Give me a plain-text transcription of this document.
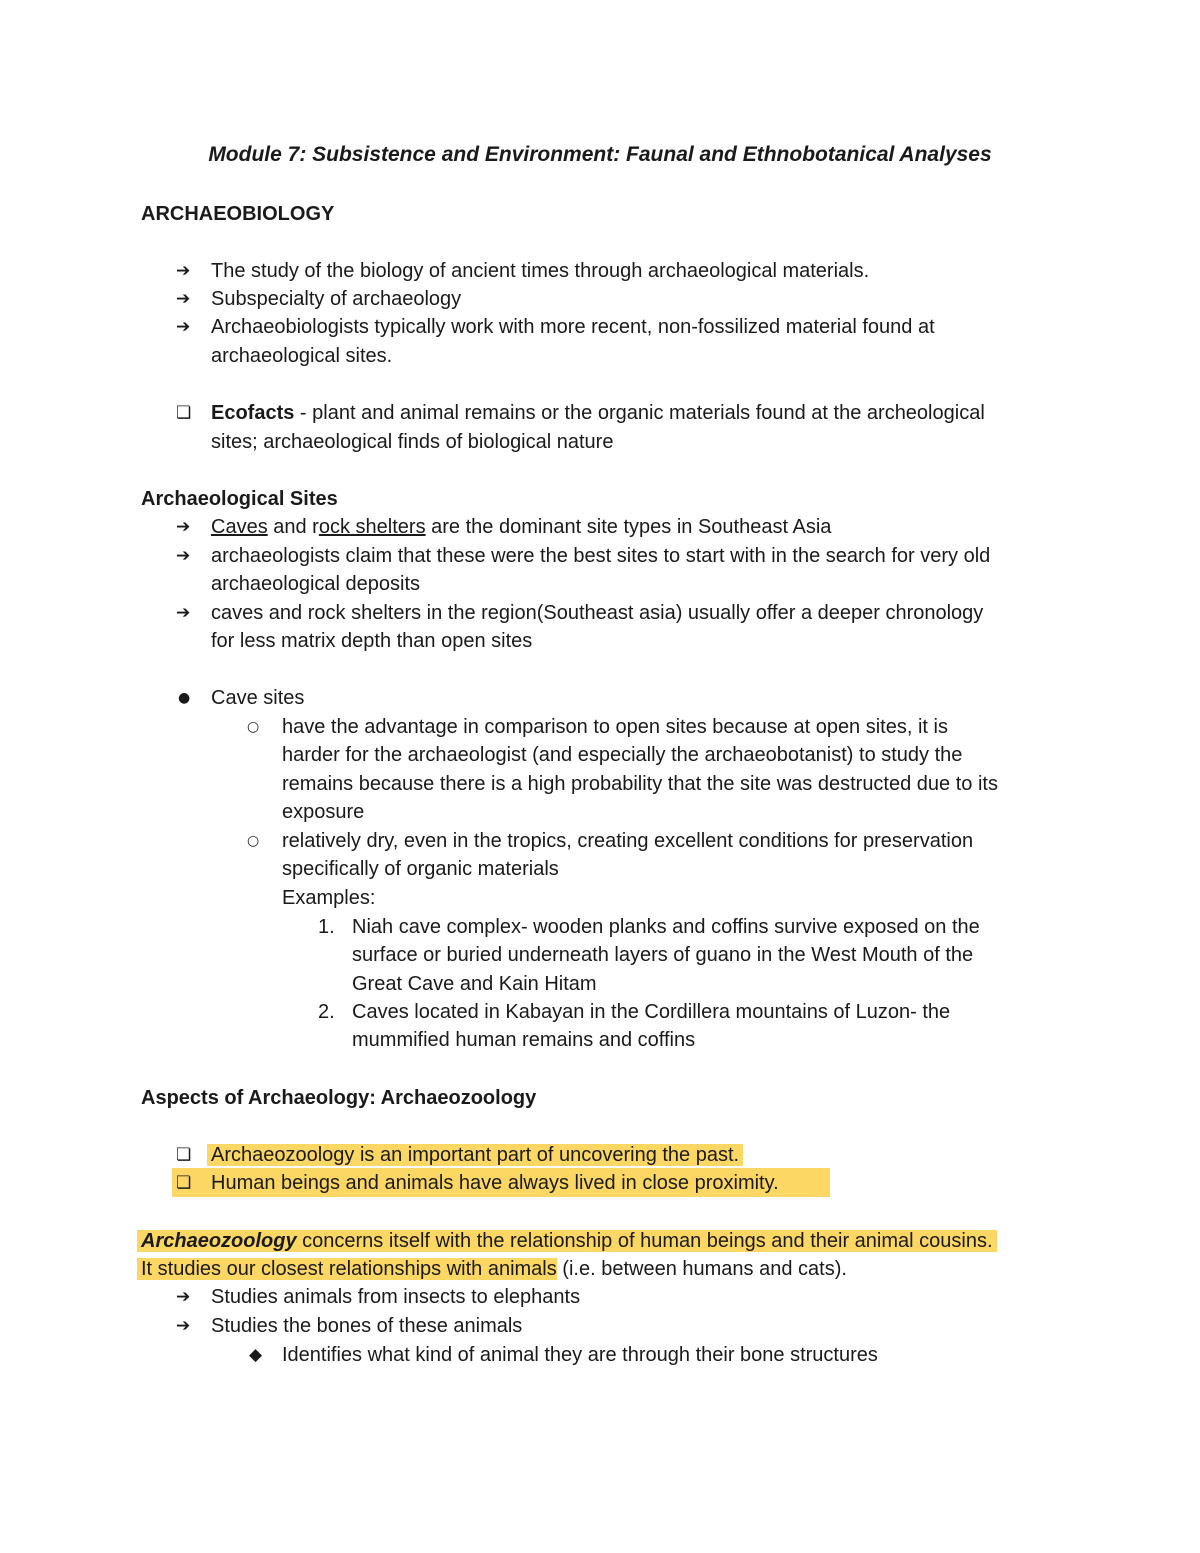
Module 7: Subsistence and Environment: Faunal and Ethnobotanical Analyses
ARCHAEOBIOLOGY
➔ The study of the biology of ancient times through archaeological materials.
➔ Subspecialty of archaeology
➔ Archaeobiologists typically work with more recent, non-fossilized material found at
archaeological sites.
❏ Ecofacts - plant and animal remains or the organic materials found at the archeological
sites; archaeological finds of biological nature
Archaeological Sites
➔ Caves and rock shelters are the dominant site types in Southeast Asia
➔ archaeologists claim that these were the best sites to start with in the search for very old
archaeological deposits
➔ caves and rock shelters in the region(Southeast asia) usually offer a deeper chronology
for less matrix depth than open sites
● Cave sites
○ have the advantage in comparison to open sites because at open sites, it is
harder for the archaeologist (and especially the archaeobotanist) to study the
remains because there is a high probability that the site was destructed due to its
exposure
○ relatively dry, even in the tropics, creating excellent conditions for preservation
specifically of organic materials
Examples:
1. Niah cave complex- wooden planks and coffins survive exposed on the
surface or buried underneath layers of guano in the West Mouth of the
Great Cave and Kain Hitam
2. Caves located in Kabayan in the Cordillera mountains of Luzon- the
mummified human remains and coffins
Aspects of Archaeology: Archaeozoology
❏ Archaeozoology is an important part of uncovering the past.
❏ Human beings and animals have always lived in close proximity.
Archaeozoology concerns itself with the relationship of human beings and their animal cousins.
It studies our closest relationships with animals (i.e. between humans and cats).
➔ Studies animals from insects to elephants
➔ Studies the bones of these animals
◆ Identifies what kind of animal they are through their bone structures
